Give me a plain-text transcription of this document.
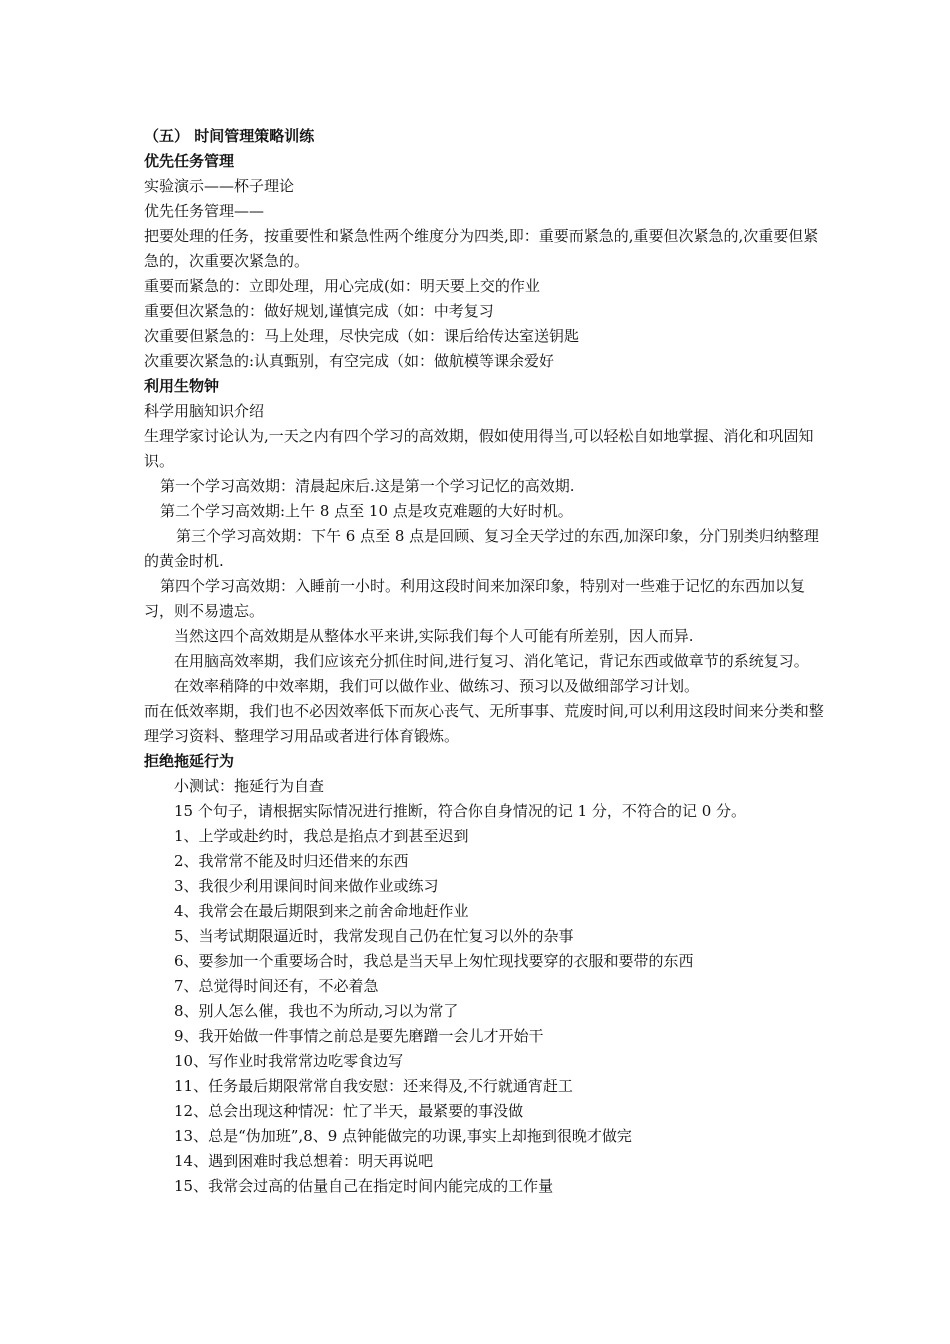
（五） 时间管理策略训练
优先任务管理
实验演示——杯子理论
优先任务管理——
把要处理的任务，按重要性和紧急性两个维度分为四类,即：重要而紧急的,重要但次紧急的,次重要但紧急的，次重要次紧急的。
重要而紧急的：立即处理，用心完成(如：明天要上交的作业
重要但次紧急的：做好规划,谨慎完成（如：中考复习
次重要但紧急的：马上处理，尽快完成（如：课后给传达室送钥匙
次重要次紧急的:认真甄别，有空完成（如：做航模等课余爱好
利用生物钟
科学用脑知识介绍
生理学家讨论认为,一天之内有四个学习的高效期，假如使用得当,可以轻松自如地掌握、消化和巩固知识。
第一个学习高效期：清晨起床后.这是第一个学习记忆的高效期.
第二个学习高效期:上午 8 点至 10 点是攻克难题的大好时机。
第三个学习高效期：下午 6 点至 8 点是回顾、复习全天学过的东西,加深印象，分门别类归纳整理的黄金时机.
第四个学习高效期：入睡前一小时。利用这段时间来加深印象，特别对一些难于记忆的东西加以复习，则不易遗忘。
当然这四个高效期是从整体水平来讲,实际我们每个人可能有所差别，因人而异.
在用脑高效率期，我们应该充分抓住时间,进行复习、消化笔记，背记东西或做章节的系统复习。
在效率稍降的中效率期，我们可以做作业、做练习、预习以及做细部学习计划。
而在低效率期，我们也不必因效率低下而灰心丧气、无所事事、荒废时间,可以利用这段时间来分类和整理学习资料、整理学习用品或者进行体育锻炼。
拒绝拖延行为
小测试：拖延行为自查
15 个句子，请根据实际情况进行推断，符合你自身情况的记 1 分，不符合的记 0 分。
1、上学或赴约时，我总是掐点才到甚至迟到
2、我常常不能及时归还借来的东西
3、我很少利用课间时间来做作业或练习
4、我常会在最后期限到来之前舍命地赶作业
5、当考试期限逼近时，我常发现自己仍在忙复习以外的杂事
6、要参加一个重要场合时，我总是当天早上匆忙现找要穿的衣服和要带的东西
7、总觉得时间还有，不必着急
8、别人怎么催，我也不为所动,习以为常了
9、我开始做一件事情之前总是要先磨蹭一会儿才开始干
10、写作业时我常常边吃零食边写
11、任务最后期限常常自我安慰：还来得及,不行就通宵赶工
12、总会出现这种情况：忙了半天，最紧要的事没做
13、总是“伪加班”,8、9 点钟能做完的功课,事实上却拖到很晚才做完
14、遇到困难时我总想着：明天再说吧
15、我常会过高的估量自己在指定时间内能完成的工作量
